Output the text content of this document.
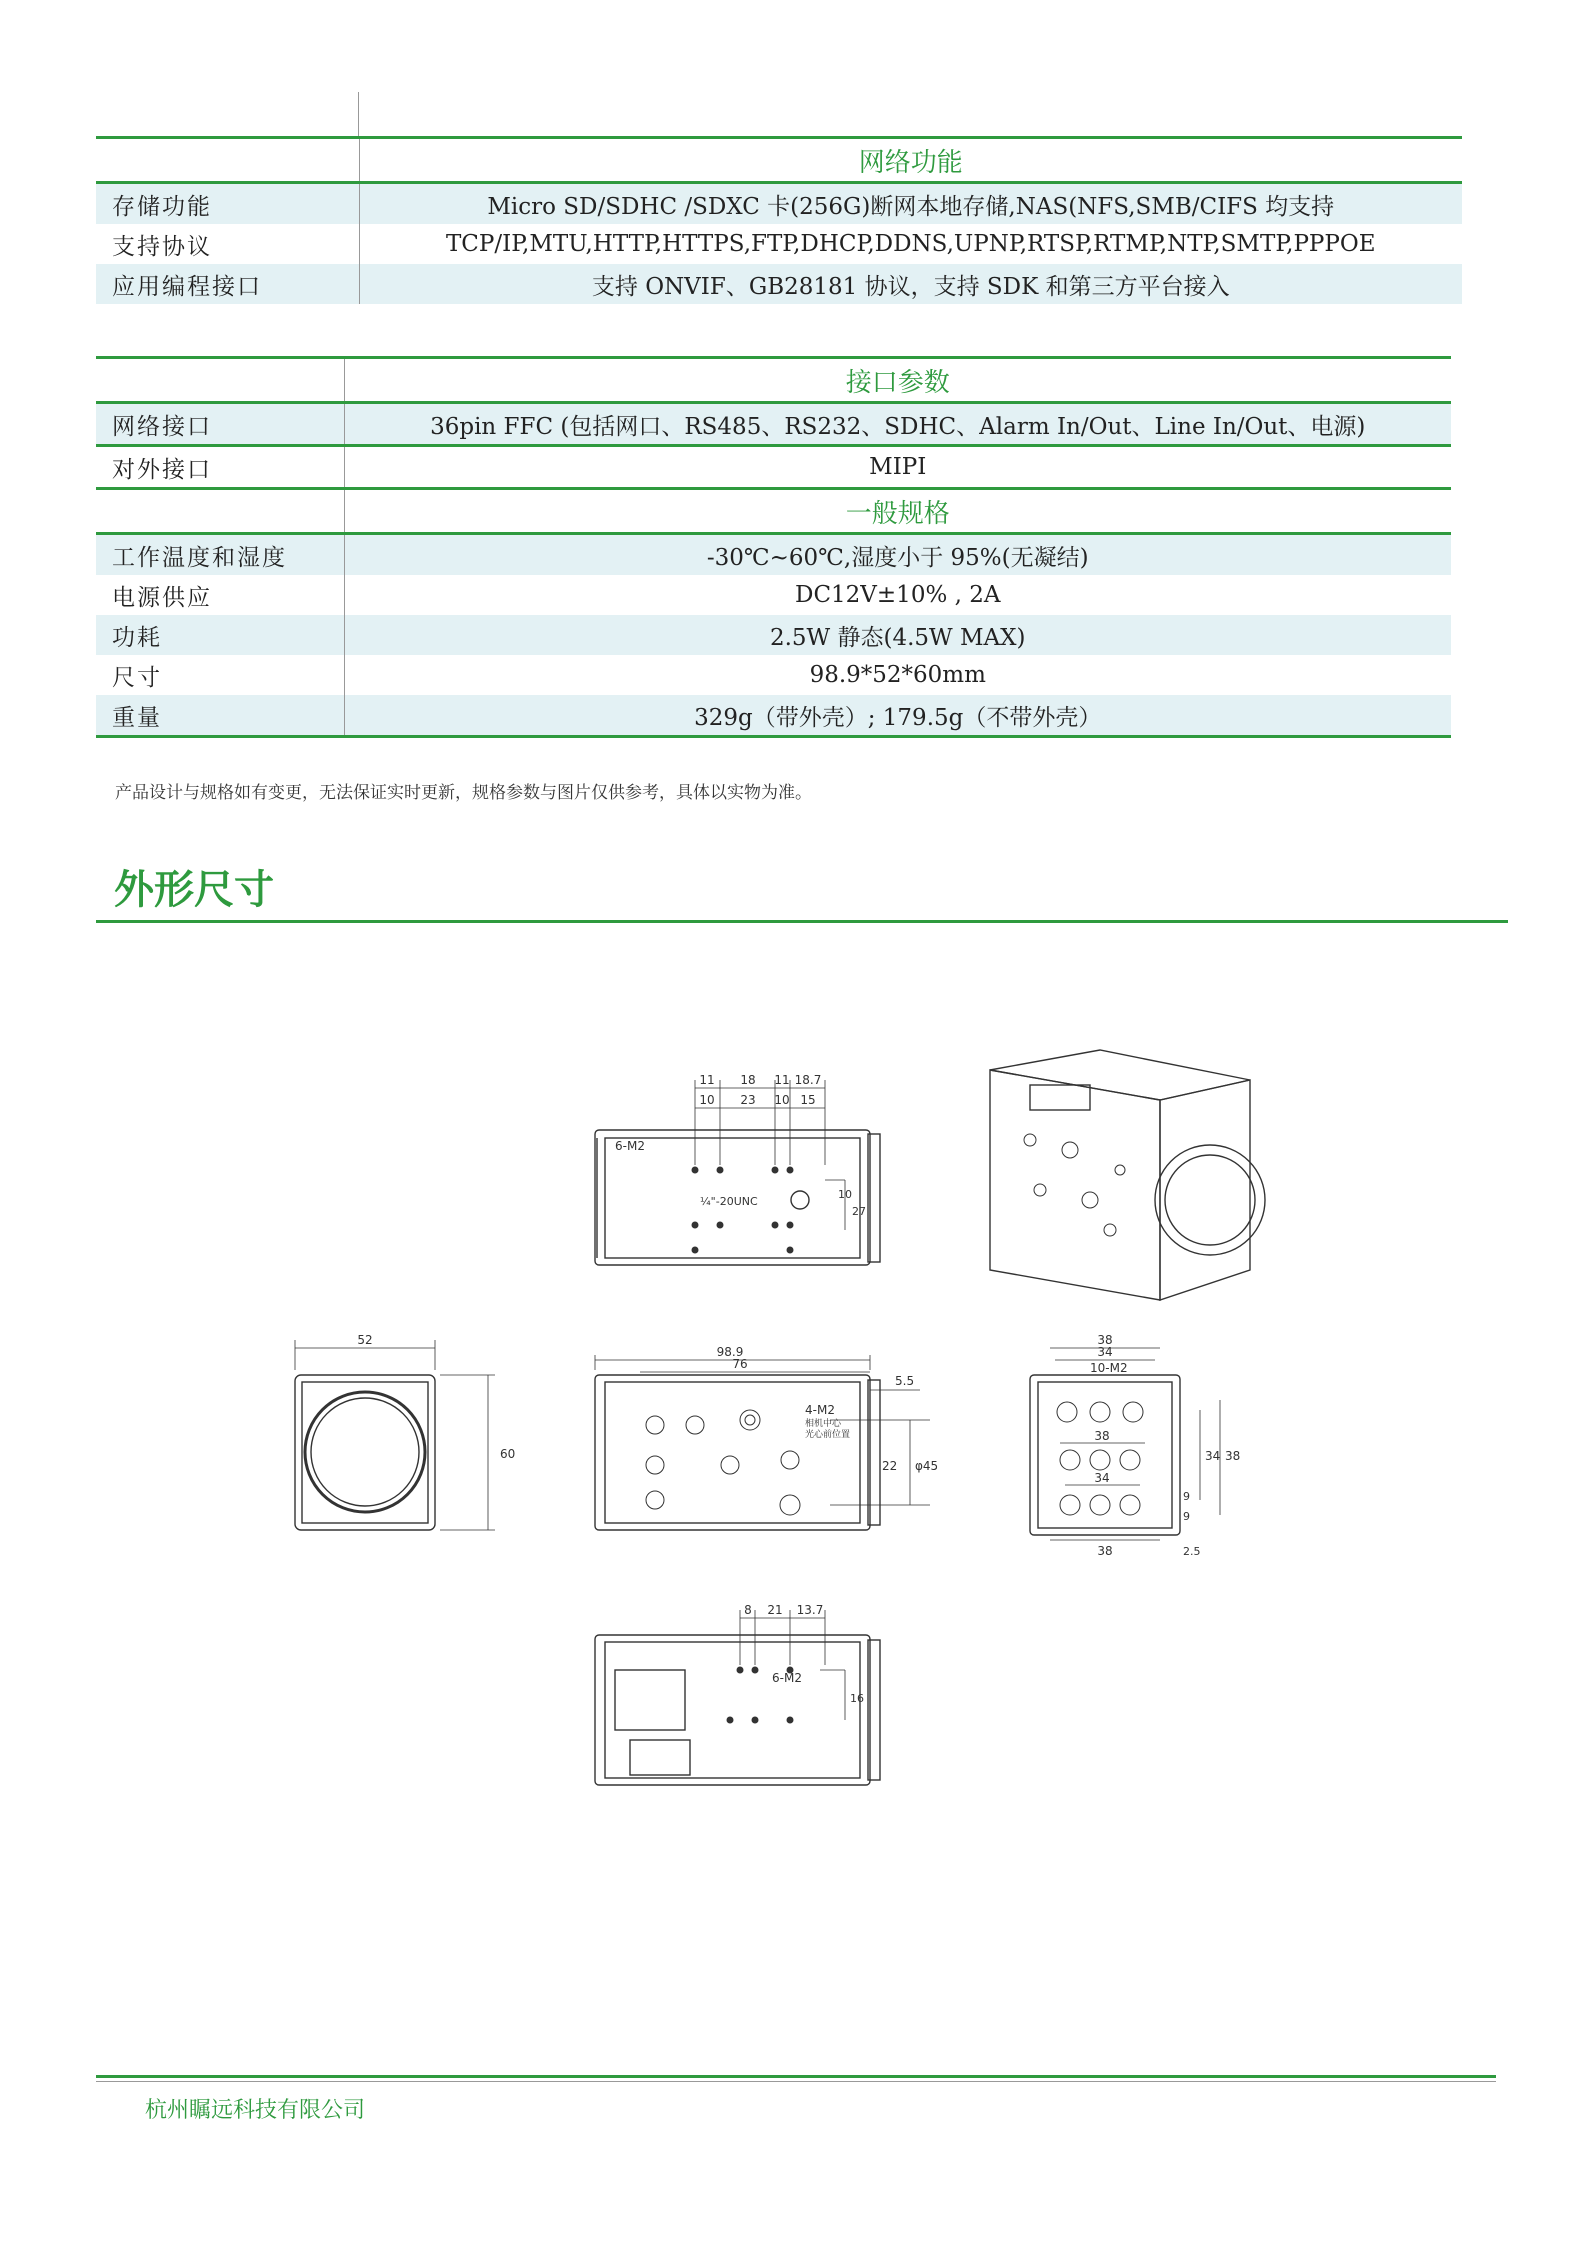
	网络功能
存储功能	Micro SD/SDHC /SDXC 卡(256G)断网本地存储,NAS(NFS,SMB/CIFS 均支持
支持协议	TCP/IP,MTU,HTTP,HTTPS,FTP,DHCP,DDNS,UPNP,RTSP,RTMP,NTP,SMTP,PPPOE
应用编程接口	支持 ONVIF、GB28181 协议，支持 SDK 和第三方平台接入
	接口参数
网络接口	36pin FFC (包括网口、RS485、RS232、SDHC、Alarm In/Out、Line In/Out、电源)
对外接口	MIPI
	一般规格
工作温度和湿度	-30℃~60℃,湿度小于 95%(无凝结)
电源供应	DC12V±10% , 2A
功耗	2.5W 静态(4.5W MAX)
尺寸	98.9*52*60mm
重量	329g（带外壳）; 179.5g（不带外壳）
产品设计与规格如有变更，无法保证实时更新，规格参数与图片仅供参考，具体以实物为准。
外形尺寸
11 18 11 18.7
10 23 10 15
6-M2
¼"-20UNC
10
27
52
60
98.9
76
5.5
4-M2
相机中心
光心前位置
22 φ45
38
34
10-M2
38
34
38
34 38
9
9
2.5
8 21 13.7
6-M2
16
杭州瞩远科技有限公司
